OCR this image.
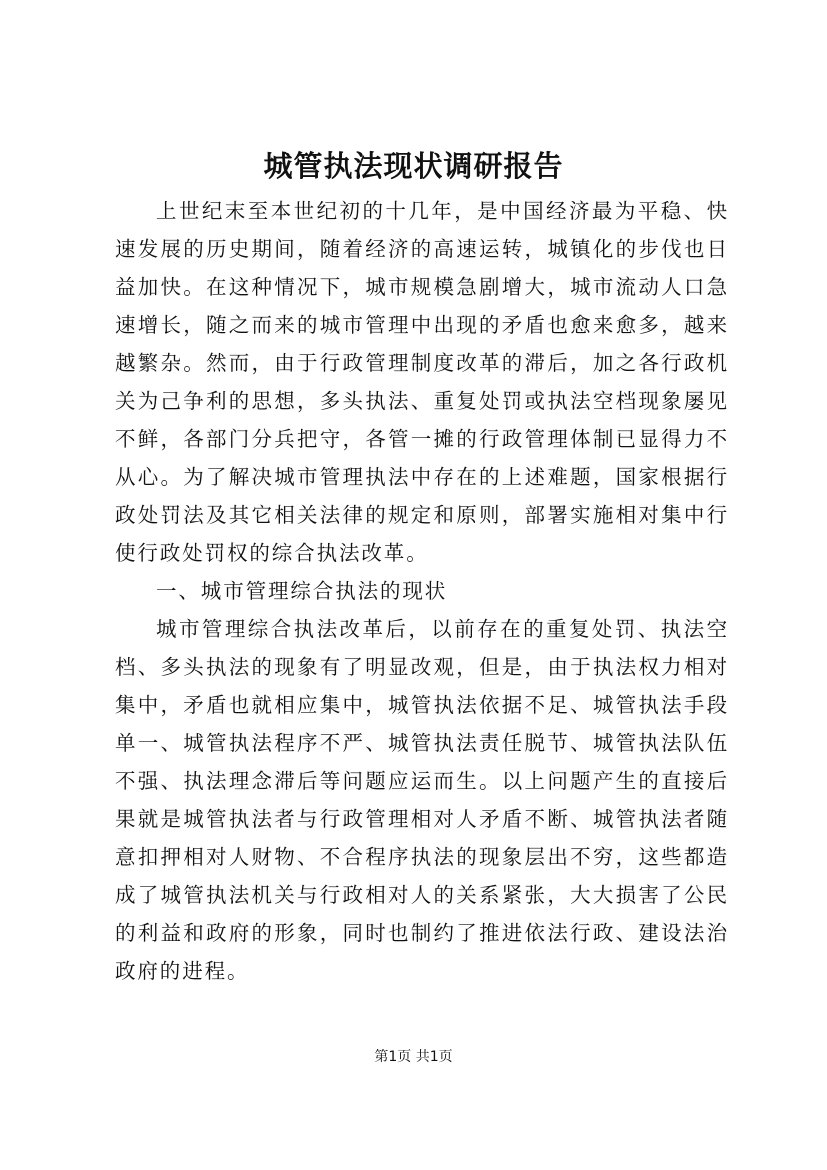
城管执法现状调研报告

上世纪末至本世纪初的十几年，是中国经济最为平稳、快速发展的历史期间，随着经济的高速运转，城镇化的步伐也日益加快。在这种情况下，城市规模急剧增大，城市流动人口急速增长，随之而来的城市管理中出现的矛盾也愈来愈多，越来越繁杂。然而，由于行政管理制度改革的滞后，加之各行政机关为己争利的思想，多头执法、重复处罚或执法空档现象屡见不鲜，各部门分兵把守，各管一摊的行政管理体制已显得力不从心。为了解决城市管理执法中存在的上述难题，国家根据行政处罚法及其它相关法律的规定和原则，部署实施相对集中行使行政处罚权的综合执法改革。

一、城市管理综合执法的现状

城市管理综合执法改革后，以前存在的重复处罚、执法空档、多头执法的现象有了明显改观，但是，由于执法权力相对集中，矛盾也就相应集中，城管执法依据不足、城管执法手段单一、城管执法程序不严、城管执法责任脱节、城管执法队伍不强、执法理念滞后等问题应运而生。以上问题产生的直接后果就是城管执法者与行政管理相对人矛盾不断、城管执法者随意扣押相对人财物、不合程序执法的现象层出不穷，这些都造成了城管执法机关与行政相对人的关系紧张，大大损害了公民的利益和政府的形象，同时也制约了推进依法行政、建设法治政府的进程。

第1页 共1页
